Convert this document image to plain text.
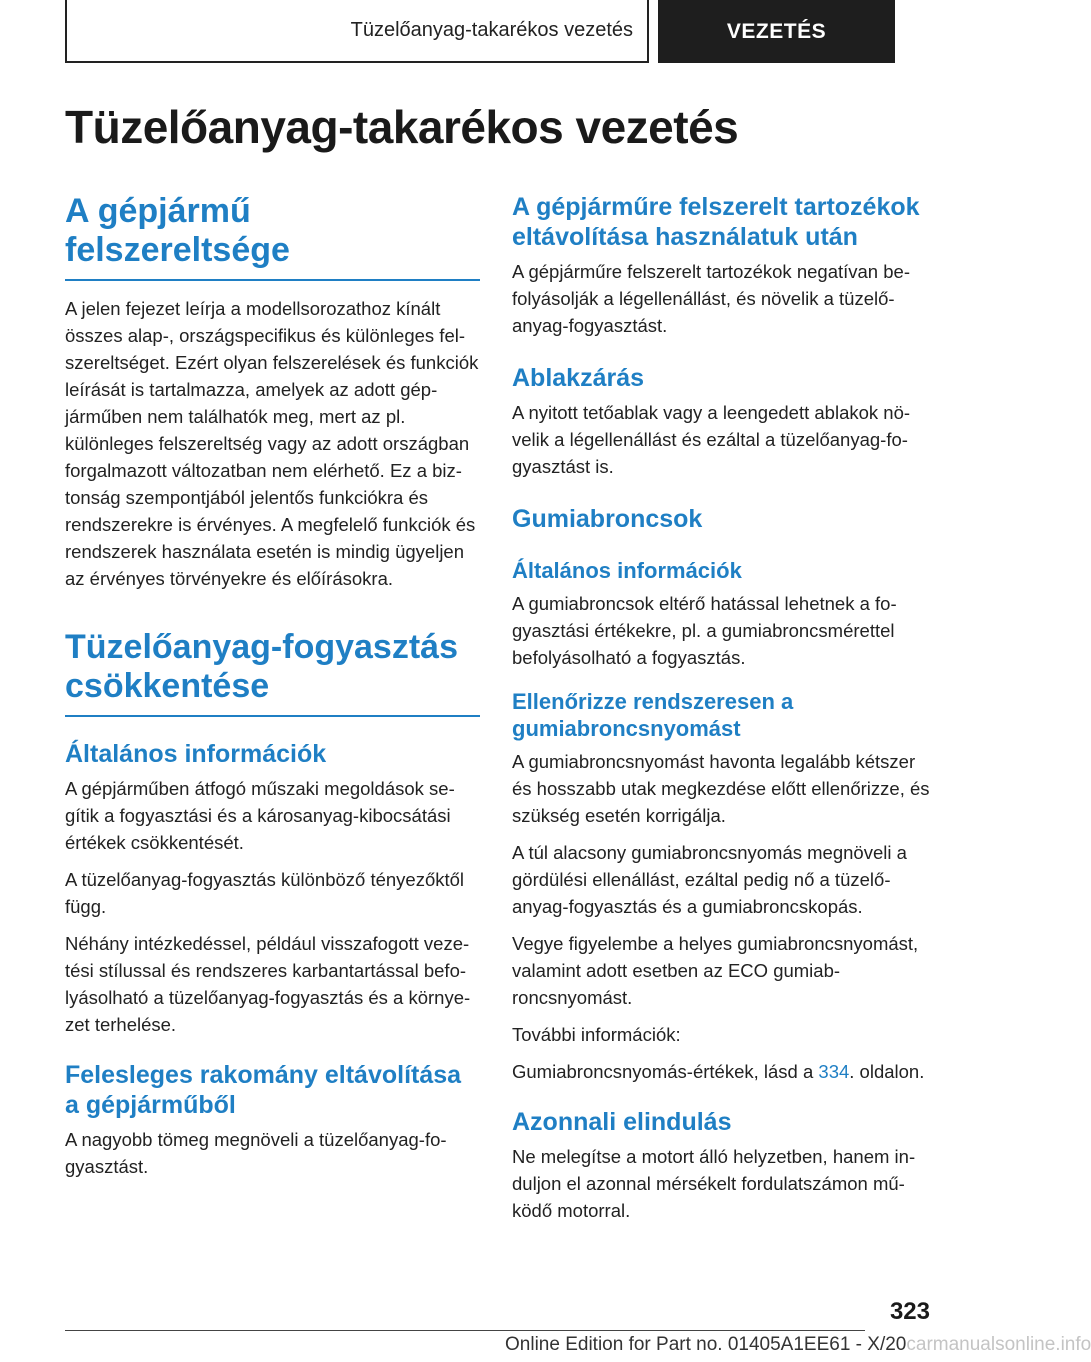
Tüzelőanyag-takarékos vezetés	VEZETÉS
Tüzelőanyag-takarékos vezetés
A gépjármű felszereltsége

A jelen fejezet leírja a modellsorozathoz kínált összes alap-, országspecifikus és különleges felszereltséget. Ezért olyan felszerelések és funkciók leírását is tartalmazza, amelyek az adott gépjárműben nem találhatók meg, mert az pl. különleges felszereltség vagy az adott országban forgalmazott változatban nem elérhető. Ez a biztonság szempontjából jelentős funkciókra és rendszerekre is érvényes. A megfelelő funkciók és rendszerek használata esetén is mindig ügyeljen az érvényes törvényekre és előírásokra.

Tüzelőanyag-fogyasztás csökkentése
Általános információk

A gépjárműben átfogó műszaki megoldások segítik a fogyasztási és a károsanyag-kibocsátási értékek csökkentését.

A tüzelőanyag-fogyasztás különböző tényezőktől függ.

Néhány intézkedéssel, például visszafogott vezetési stílussal és rendszeres karbantartással befolyásolható a tüzelőanyag-fogyasztás és a környezet terhelése.

Felesleges rakomány eltávolítása a gépjárműből

A nagyobb tömeg megnöveli a tüzelőanyag-fogyasztást.

A gépjárműre felszerelt tartozékok eltávolítása használatuk után

A gépjárműre felszerelt tartozékok negatívan befolyásolják a légellenállást, és növelik a tüzelőanyag-fogyasztást.

Ablakzárás

A nyitott tetőablak vagy a leengedett ablakok növelik a légellenállást és ezáltal a tüzelőanyag-fogyasztást is.

Gumiabroncsok
Általános információk

A gumiabroncsok eltérő hatással lehetnek a fogyasztási értékekre, pl. a gumiabroncsmérettel befolyásolható a fogyasztás.

Ellenőrizze rendszeresen a gumiabroncsnyomást

A gumiabroncsnyomást havonta legalább kétszer és hosszabb utak megkezdése előtt ellenőrizze, és szükség esetén korrigálja.

A túl alacsony gumiabroncsnyomás megnöveli a gördülési ellenállást, ezáltal pedig nő a tüzelőanyag-fogyasztás és a gumiabroncskopás.

Vegye figyelembe a helyes gumiabroncsnyomást, valamint adott esetben az ECO gumiabroncsnyomást.

További információk:

Gumiabroncsnyomás-értékek, lásd a 334. oldalon.

Azonnali elindulás

Ne melegítse a motort álló helyzetben, hanem induljon el azonnal mérsékelt fordulatszámon működő motorral.

323
Online Edition for Part no. 01405A1EE61 - X/20carmanualsonline.info
